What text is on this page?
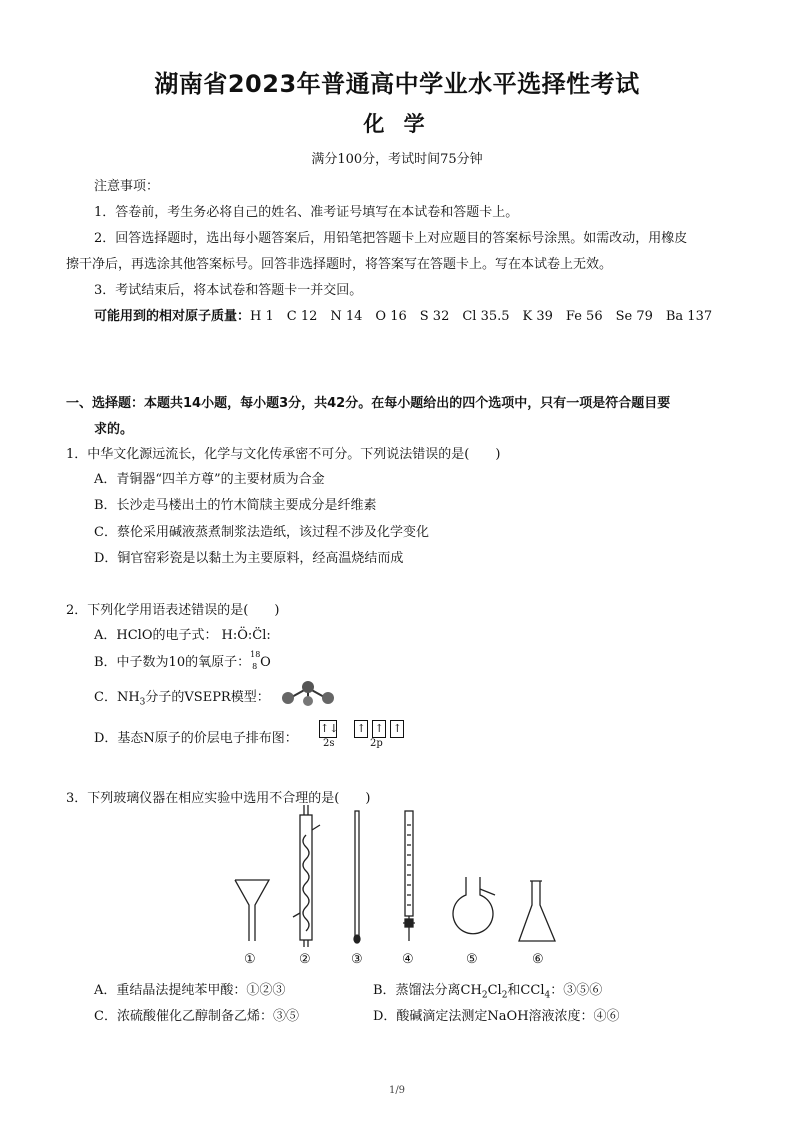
湖南省2023年普通高中学业水平选择性考试
化 学
满分100分，考试时间75分钟
注意事项：
1．答卷前，考生务必将自己的姓名、准考证号填写在本试卷和答题卡上。
2．回答选择题时，选出每小题答案后，用铅笔把答题卡上对应题目的答案标号涂黑。如需改动，用橡皮
擦干净后，再选涂其他答案标号。回答非选择题时，将答案写在答题卡上。写在本试卷上无效。
3．考试结束后，将本试卷和答题卡一并交回。
可能用到的相对原子质量：H 1　C 12　N 14　O 16　S 32　Cl 35.5　K 39　Fe 56　Se 79　Ba 137
一、选择题：本题共14小题，每小题3分，共42分。在每小题给出的四个选项中，只有一项是符合题目要
求的。
1．中华文化源远流长，化学与文化传承密不可分。下列说法错误的是(　　)
A．青铜器“四羊方尊”的主要材质为合金
B．长沙走马楼出土的竹木简牍主要成分是纤维素
C．蔡伦采用碱液蒸煮制浆法造纸，该过程不涉及化学变化
D．铜官窑彩瓷是以黏土为主要原料，经高温烧结而成
2．下列化学用语表述错误的是(　　)
A．HClO的电子式： H:Ö:C̈l:
B．中子数为10的氧原子：
18
8 O
C．$NH_3$分子的VSEPR模型：
D．基态N原子的价层电子排布图：
↑↓ ↑ ↑ ↑
2s	2p
3．下列玻璃仪器在相应实验中选用不合理的是(　　)
①	②	③	④	⑤	⑥
A．重结晶法提纯苯甲酸：①②③	B．蒸馏法分离$CH_2Cl_2$和CCl$_4$：③⑤⑥
C．浓硫酸催化乙醇制备乙烯：③⑤	D．酸碱滴定法测定NaOH溶液浓度：④⑥
1/9
